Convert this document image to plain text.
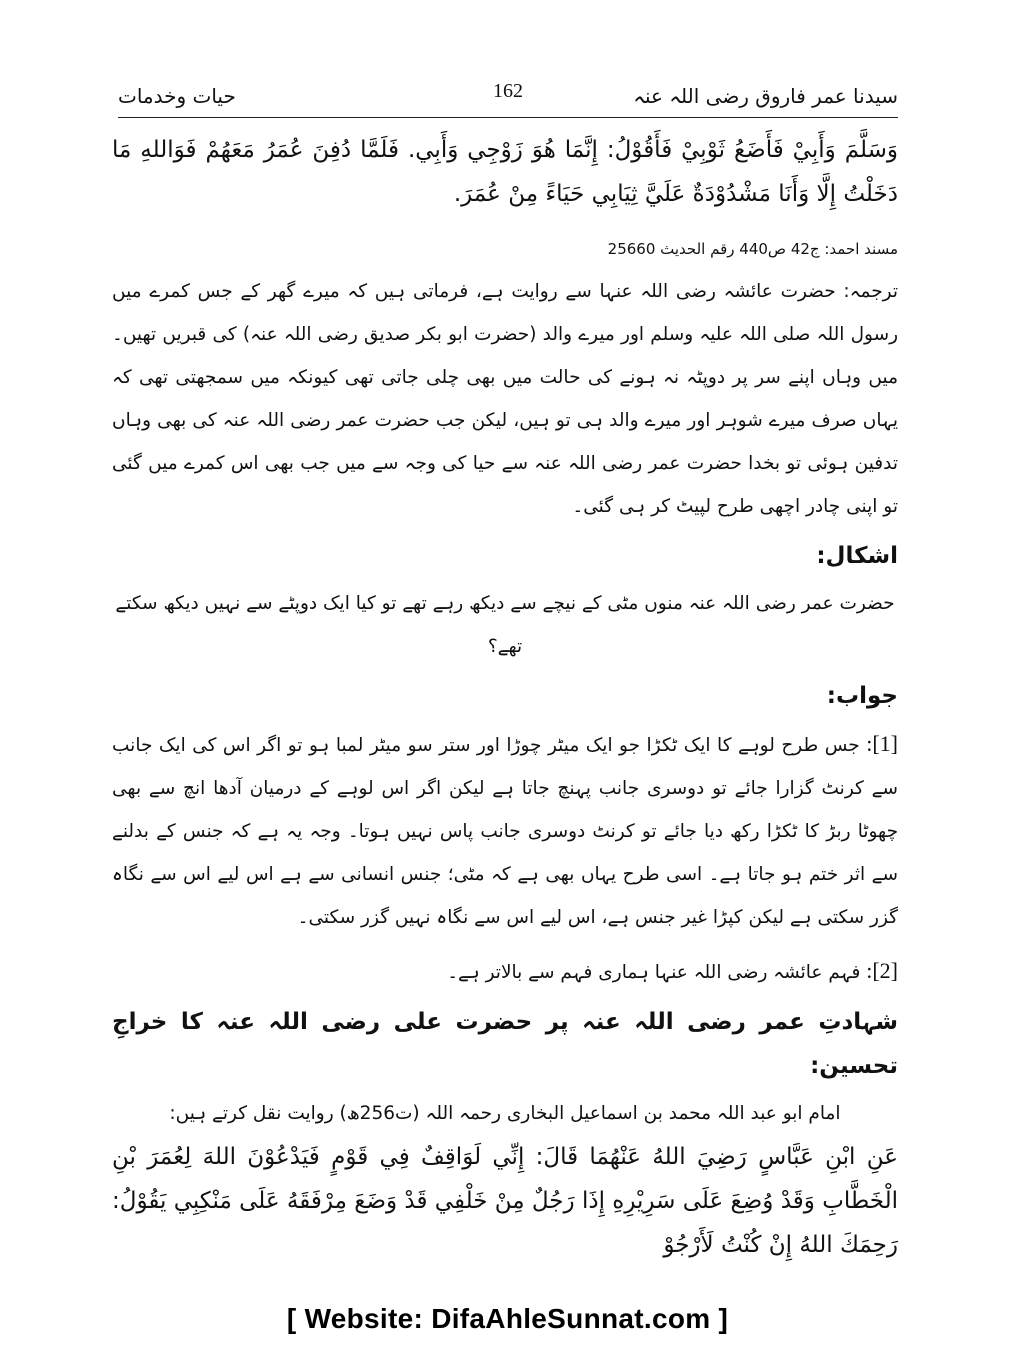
سیدنا عمر فاروق رضی اللہ عنہ
162
حیات وخدمات

وَسَلَّمَ وَأَبِيْ فَأَضَعُ ثَوْبِيْ فَأَقُوْلُ: إِنَّمَا هُوَ زَوْجِي وَأَبِي. فَلَمَّا دُفِنَ عُمَرُ مَعَهُمْ فَوَاللهِ مَا دَخَلْتُ إِلَّا وَأَنَا مَشْدُوْدَةٌ عَلَيَّ ثِيَابِي حَيَاءً مِنْ عُمَرَ.

مسند احمد: ج42 ص440 رقم الحدیث 25660

ترجمہ: حضرت عائشہ رضی اللہ عنہا سے روایت ہے، فرماتی ہیں کہ میرے گھر کے جس کمرے میں رسول اللہ صلی اللہ علیہ وسلم اور میرے والد (حضرت ابو بکر صدیق رضی اللہ عنہ) کی قبریں تھیں۔ میں وہاں اپنے سر پر دوپٹہ نہ ہونے کی حالت میں بھی چلی جاتی تھی کیونکہ میں سمجھتی تھی کہ یہاں صرف میرے شوہر اور میرے والد ہی تو ہیں، لیکن جب حضرت عمر رضی اللہ عنہ کی بھی وہاں تدفین ہوئی تو بخدا حضرت عمر رضی اللہ عنہ سے حیا کی وجہ سے میں جب بھی اس کمرے میں گئی تو اپنی چادر اچھی طرح لپیٹ کر ہی گئی۔

اشکال:

حضرت عمر رضی اللہ عنہ منوں مٹی کے نیچے سے دیکھ رہے تھے تو کیا ایک دوپٹے سے نہیں دیکھ سکتے تھے؟

جواب:

[1]: جس طرح لوہے کا ایک ٹکڑا جو ایک میٹر چوڑا اور ستر سو میٹر لمبا ہو تو اگر اس کی ایک جانب سے کرنٹ گزارا جائے تو دوسری جانب پہنچ جاتا ہے لیکن اگر اس لوہے کے درمیان آدھا انچ سے بھی چھوٹا ربڑ کا ٹکڑا رکھ دیا جائے تو کرنٹ دوسری جانب پاس نہیں ہوتا۔ وجہ یہ ہے کہ جنس کے بدلنے سے اثر ختم ہو جاتا ہے۔ اسی طرح یہاں بھی ہے کہ مٹی؛ جنس انسانی سے ہے اس لیے اس سے نگاہ گزر سکتی ہے لیکن کپڑا غیر جنس ہے، اس لیے اس سے نگاہ نہیں گزر سکتی۔

[2]: فہم عائشہ رضی اللہ عنہا ہماری فہم سے بالاتر ہے۔

شہادتِ عمر رضی اللہ عنہ پر حضرت علی رضی اللہ عنہ کا خراجِ تحسین:

امام ابو عبد اللہ محمد بن اسماعیل البخاری رحمہ اللہ (ت256ھ) روایت نقل کرتے ہیں:

عَنِ ابْنِ عَبَّاسٍ رَضِيَ اللهُ عَنْهُمَا قَالَ: إِنِّي لَوَاقِفٌ فِي قَوْمٍ فَيَدْعُوْنَ اللهَ لِعُمَرَ بْنِ الْخَطَّابِ وَقَدْ وُضِعَ عَلَى سَرِيْرِهِ إِذَا رَجُلٌ مِنْ خَلْفِي قَدْ وَضَعَ مِرْفَقَهُ عَلَى مَنْكِبِي يَقُوْلُ: رَحِمَكَ اللهُ إِنْ كُنْتُ لَأَرْجُوْ

[ Website: DifaAhleSunnat.com ]
